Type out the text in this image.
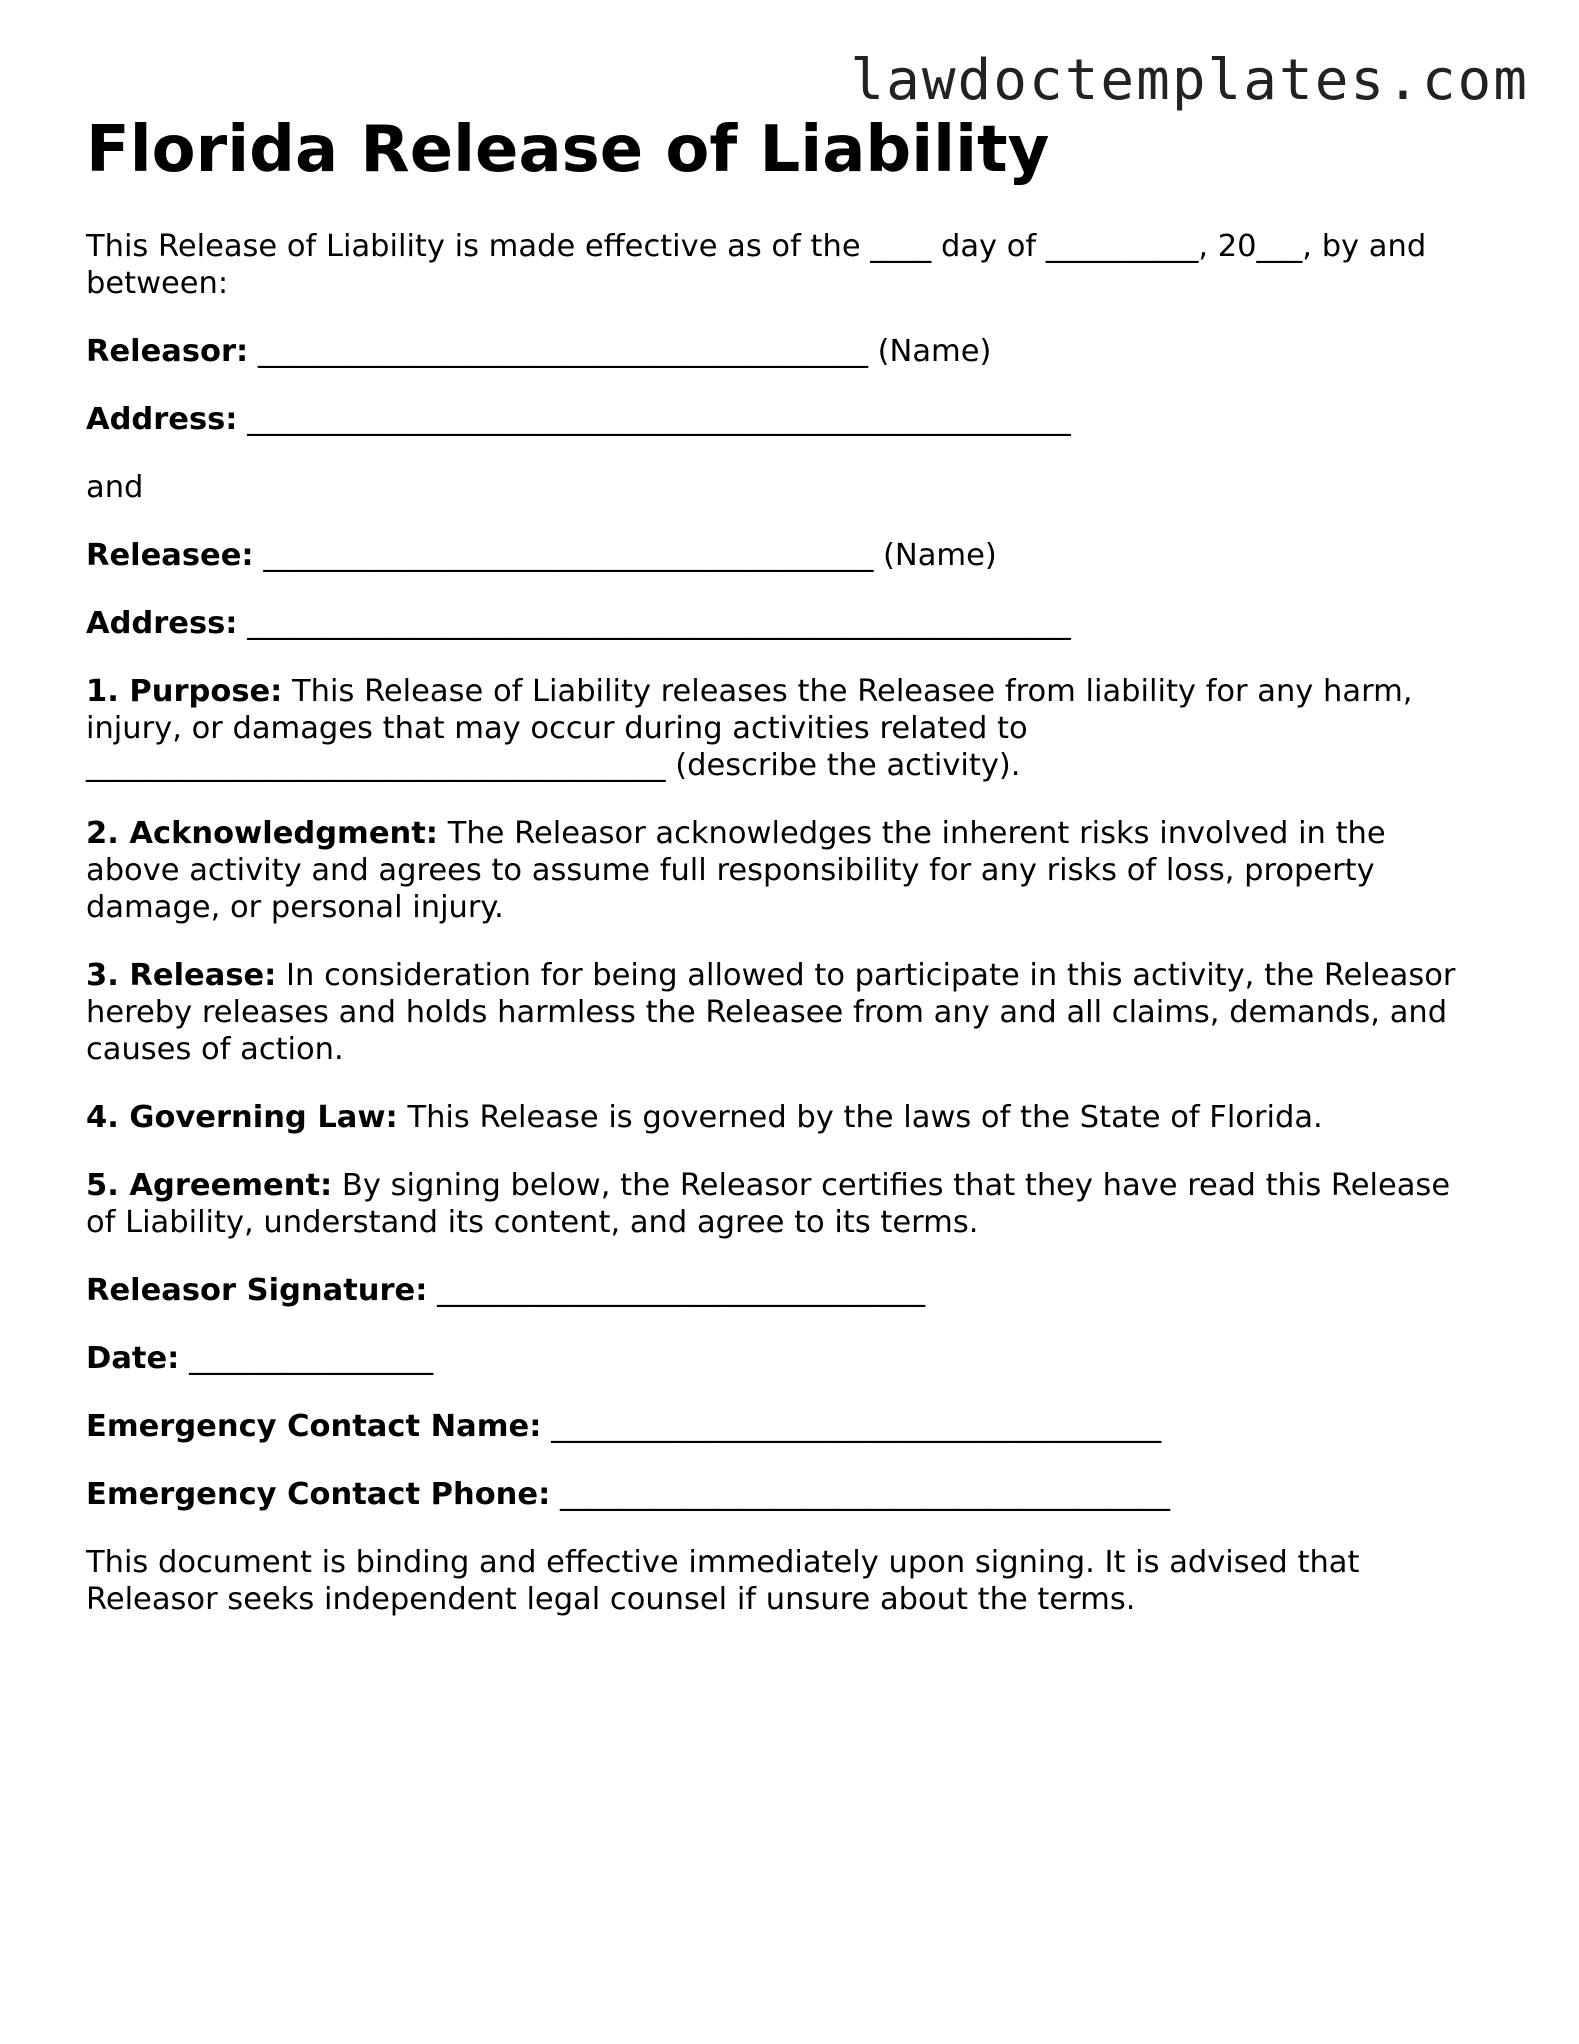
lawdoctemplates.com
Florida Release of Liability

This Release of Liability is made effective as of the ____ day of __________, 20___, by and between:

Releasor: ________________________________________ (Name)

Address: ______________________________________________________

and

Releasee: ________________________________________ (Name)

Address: ______________________________________________________

1. Purpose: This Release of Liability releases the Releasee from liability for any harm, injury, or damages that may occur during activities related to ______________________________________ (describe the activity).

2. Acknowledgment: The Releasor acknowledges the inherent risks involved in the above activity and agrees to assume full responsibility for any risks of loss, property damage, or personal injury.

3. Release: In consideration for being allowed to participate in this activity, the Releasor hereby releases and holds harmless the Releasee from any and all claims, demands, and causes of action.

4. Governing Law: This Release is governed by the laws of the State of Florida.

5. Agreement: By signing below, the Releasor certifies that they have read this Release of Liability, understand its content, and agree to its terms.

Releasor Signature: ________________________________

Date: ________________

Emergency Contact Name: ________________________________________

Emergency Contact Phone: ________________________________________

This document is binding and effective immediately upon signing. It is advised that Releasor seeks independent legal counsel if unsure about the terms.
